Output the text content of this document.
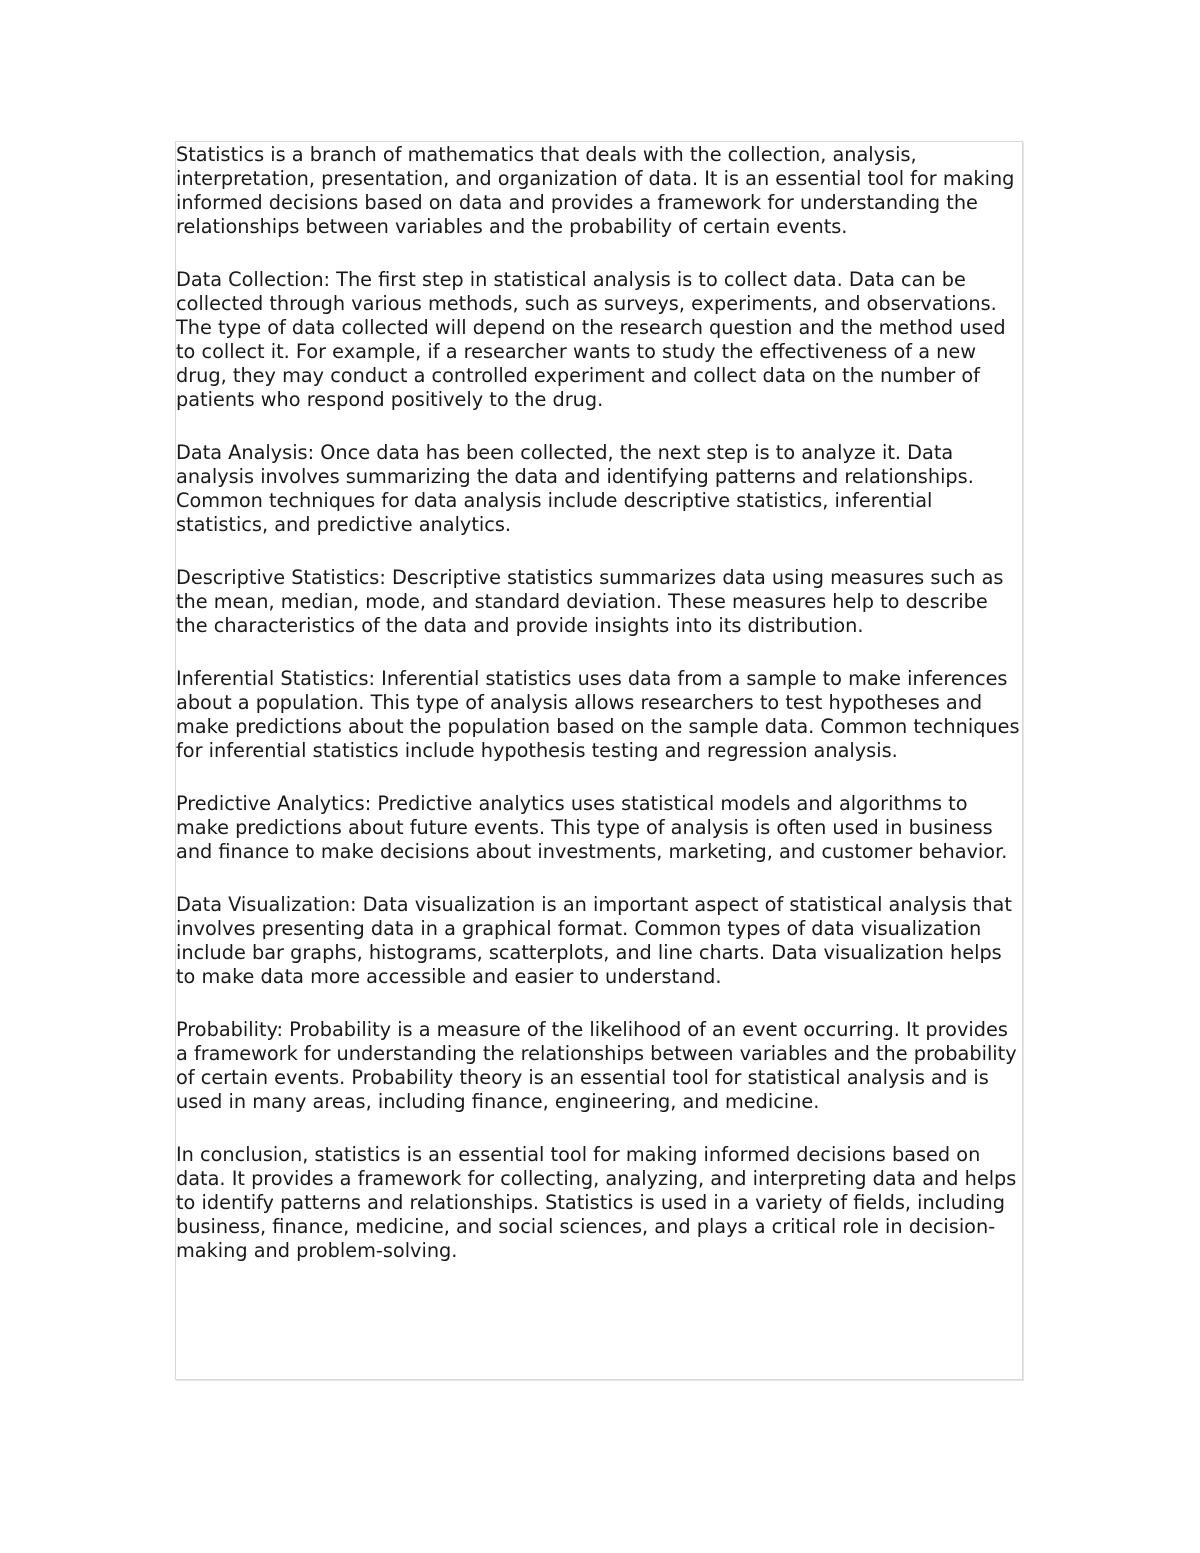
Statistics is a branch of mathematics that deals with the collection, analysis, interpretation, presentation, and organization of data. It is an essential tool for making informed decisions based on data and provides a framework for understanding the relationships between variables and the probability of certain events.

Data Collection: The first step in statistical analysis is to collect data. Data can be collected through various methods, such as surveys, experiments, and observations. The type of data collected will depend on the research question and the method used to collect it. For example, if a researcher wants to study the effectiveness of a new drug, they may conduct a controlled experiment and collect data on the number of patients who respond positively to the drug.

Data Analysis: Once data has been collected, the next step is to analyze it. Data analysis involves summarizing the data and identifying patterns and relationships. Common techniques for data analysis include descriptive statistics, inferential statistics, and predictive analytics.

Descriptive Statistics: Descriptive statistics summarizes data using measures such as the mean, median, mode, and standard deviation. These measures help to describe the characteristics of the data and provide insights into its distribution.

Inferential Statistics: Inferential statistics uses data from a sample to make inferences about a population. This type of analysis allows researchers to test hypotheses and make predictions about the population based on the sample data. Common techniques for inferential statistics include hypothesis testing and regression analysis.

Predictive Analytics: Predictive analytics uses statistical models and algorithms to make predictions about future events. This type of analysis is often used in business and finance to make decisions about investments, marketing, and customer behavior.

Data Visualization: Data visualization is an important aspect of statistical analysis that involves presenting data in a graphical format. Common types of data visualization include bar graphs, histograms, scatterplots, and line charts. Data visualization helps to make data more accessible and easier to understand.

Probability: Probability is a measure of the likelihood of an event occurring. It provides a framework for understanding the relationships between variables and the probability of certain events. Probability theory is an essential tool for statistical analysis and is used in many areas, including finance, engineering, and medicine.

In conclusion, statistics is an essential tool for making informed decisions based on data. It provides a framework for collecting, analyzing, and interpreting data and helps to identify patterns and relationships. Statistics is used in a variety of fields, including business, finance, medicine, and social sciences, and plays a critical role in decision-making and problem-solving.
